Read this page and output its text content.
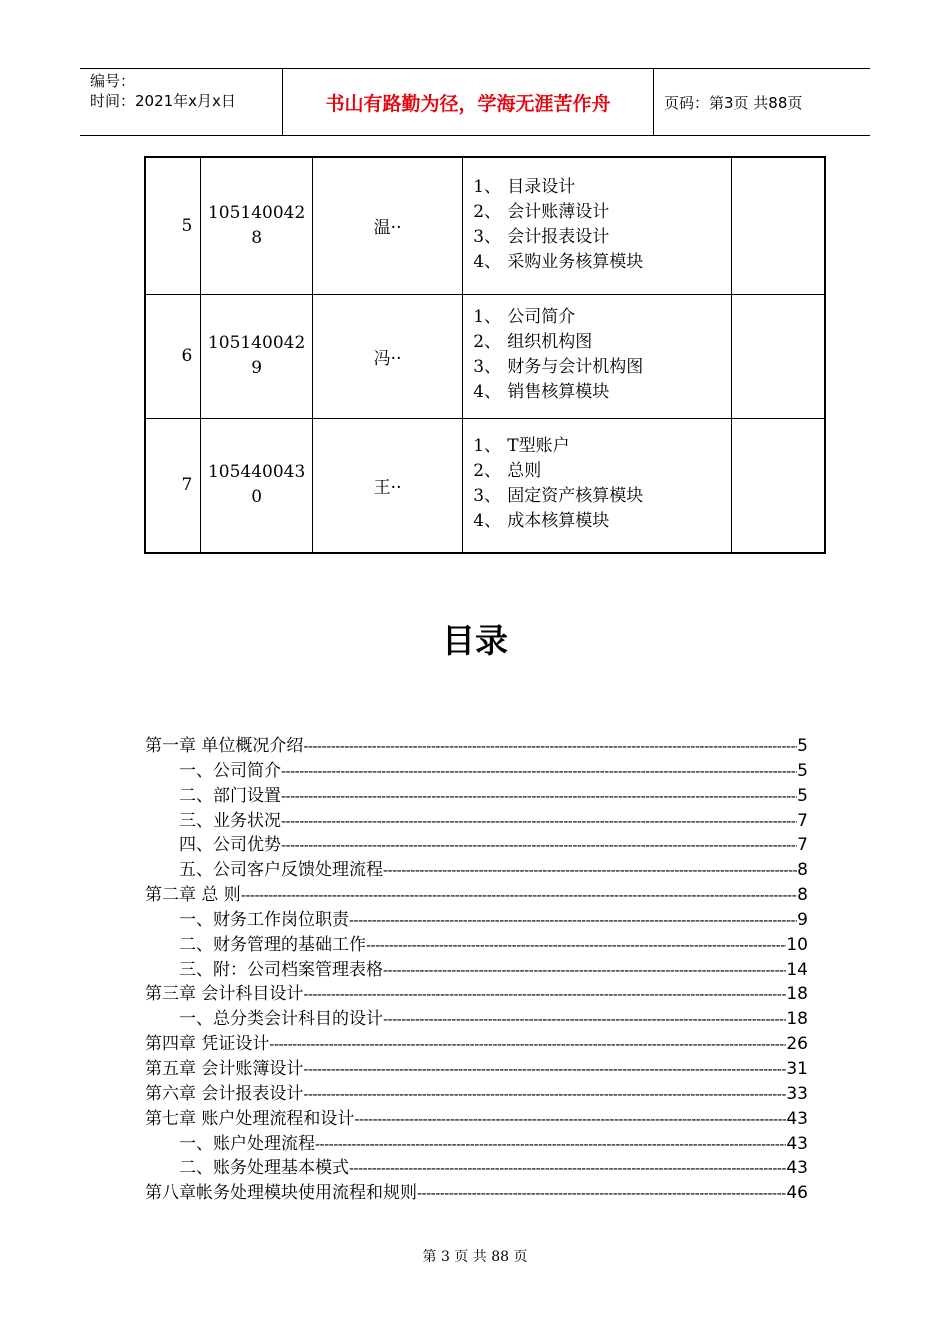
编号：
时间：2021年x月x日	书山有路勤为径，学海无涯苦作舟	页码：第3页 共88页
5	1051400428	温··	1、 目录设计
2、 会计账薄设计
3、 会计报表设计
4、 采购业务核算模块	

6	1051400429	冯··	1、 公司简介
2、 组织机构图
3、 财务与会计机构图
4、 销售核算模块	

7	1054400430	王··	1、 T型账户
2、 总则
3、 固定资产核算模块
4、 成本核算模块	

目录
第一章 单位概况介绍 -----	5
一、公司简介 -----	5
二、部门设置 -----	5
三、业务状况 -----	7
四、公司优势 -----	7
五、公司客户反馈处理流程 -----	8
第二章 总 则 -----	8
一、财务工作岗位职责 -----	9
二、财务管理的基础工作 -----	10
三、附：公司档案管理表格 -----	14
第三章 会计科目设计 -----	18
一、总分类会计科目的设计 -----	18
第四章 凭证设计 -----	26
第五章 会计账簿设计 -----	31
第六章 会计报表设计 -----	33
第七章 账户处理流程和设计 -----	43
一、账户处理流程 -----	43
二、账务处理基本模式 -----	43
第八章帐务处理模块使用流程和规则 -----	46
第 3 页 共 88 页
